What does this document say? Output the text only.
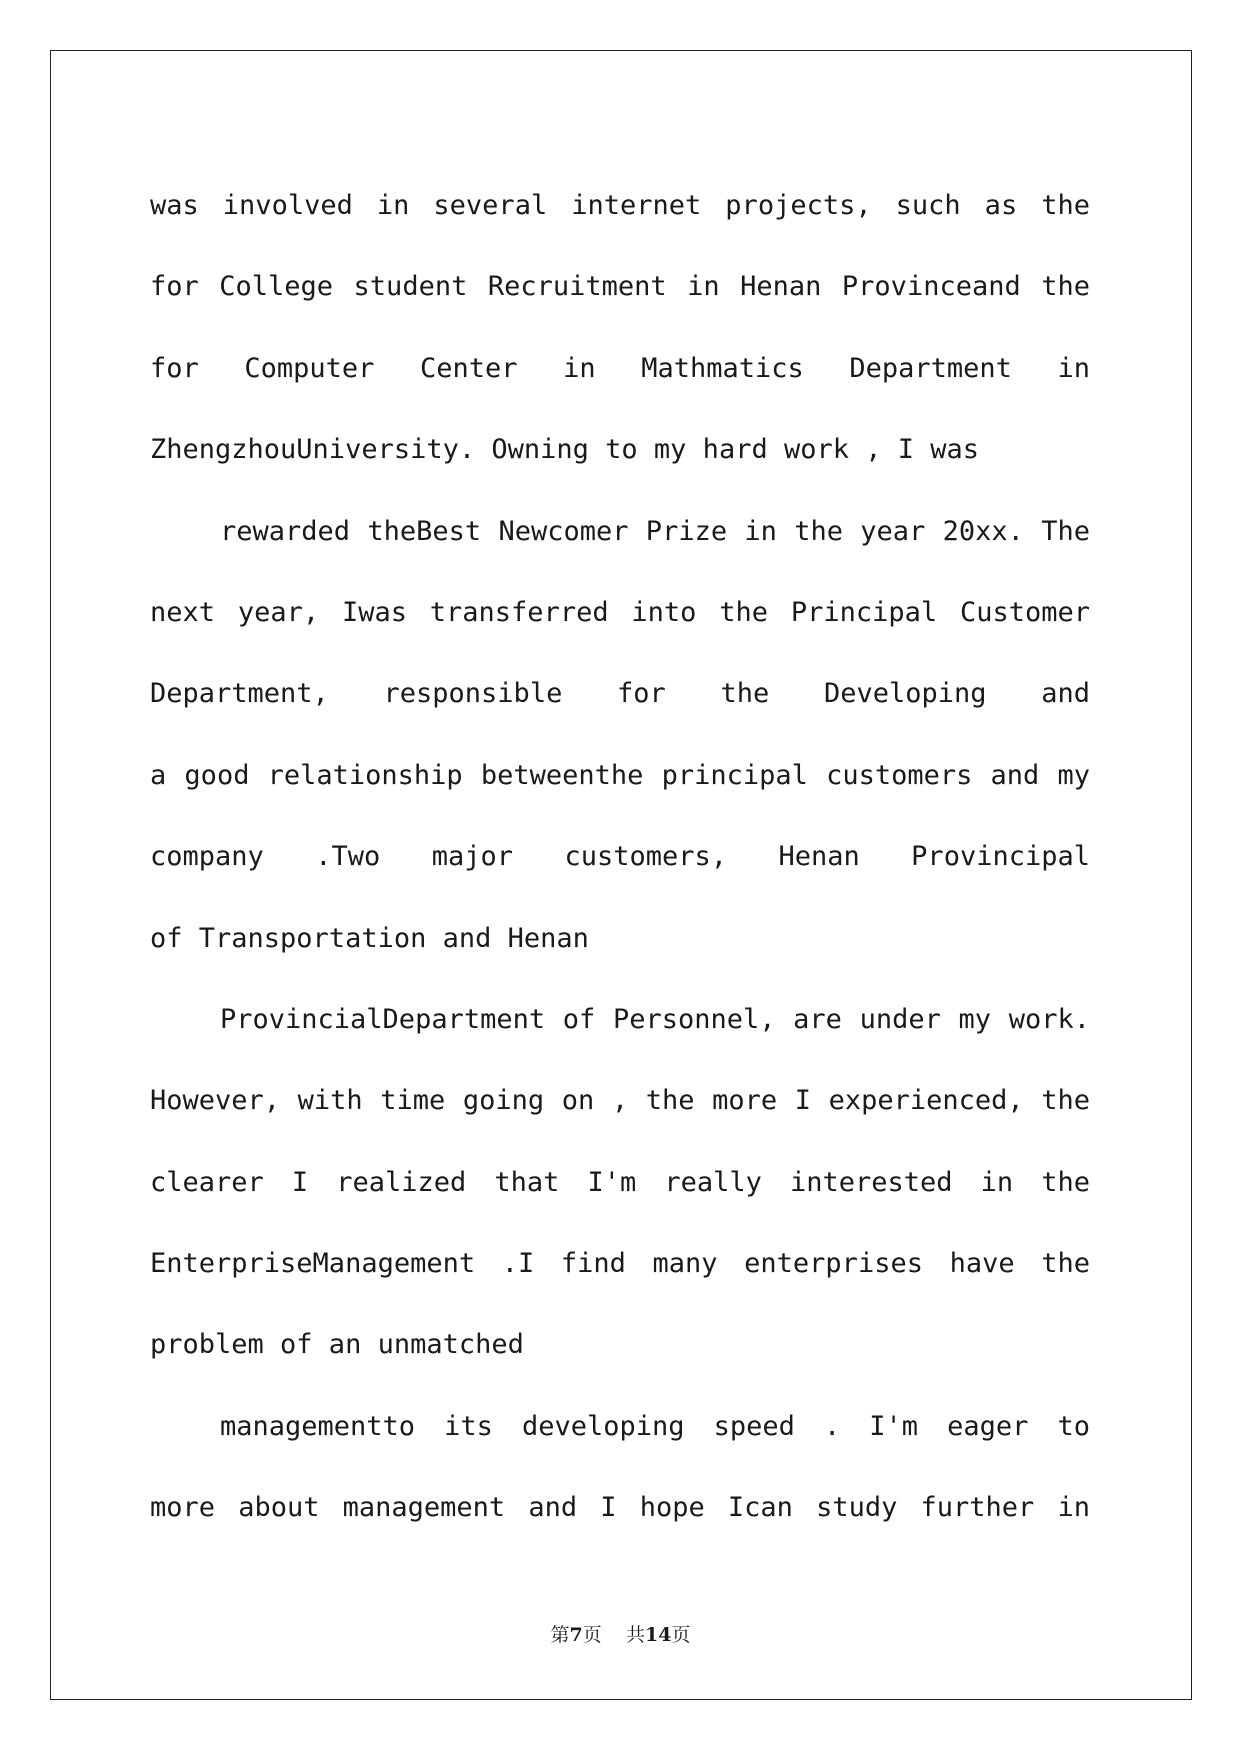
was involved in several internet projects, such as the
for College student Recruitment in Henan Provinceand the
for Computer Center in Mathmatics Department in
ZhengzhouUniversity. Owning to my hard work , I was
rewarded theBest Newcomer Prize in the year 20xx. The
next year, Iwas transferred into the Principal Customer
Department, responsible for the Developing and
a good relationship betweenthe principal customers and my
company .Two major customers, Henan Provincipal
of Transportation and Henan
ProvincialDepartment of Personnel, are under my work.
However, with time going on , the more I experienced, the
clearer I realized that I'm really interested in the
EnterpriseManagement .I find many enterprises have the
problem of an unmatched
managementto its developing speed . I'm eager to
more about management and I hope Ican study further in
第7页 共14页
